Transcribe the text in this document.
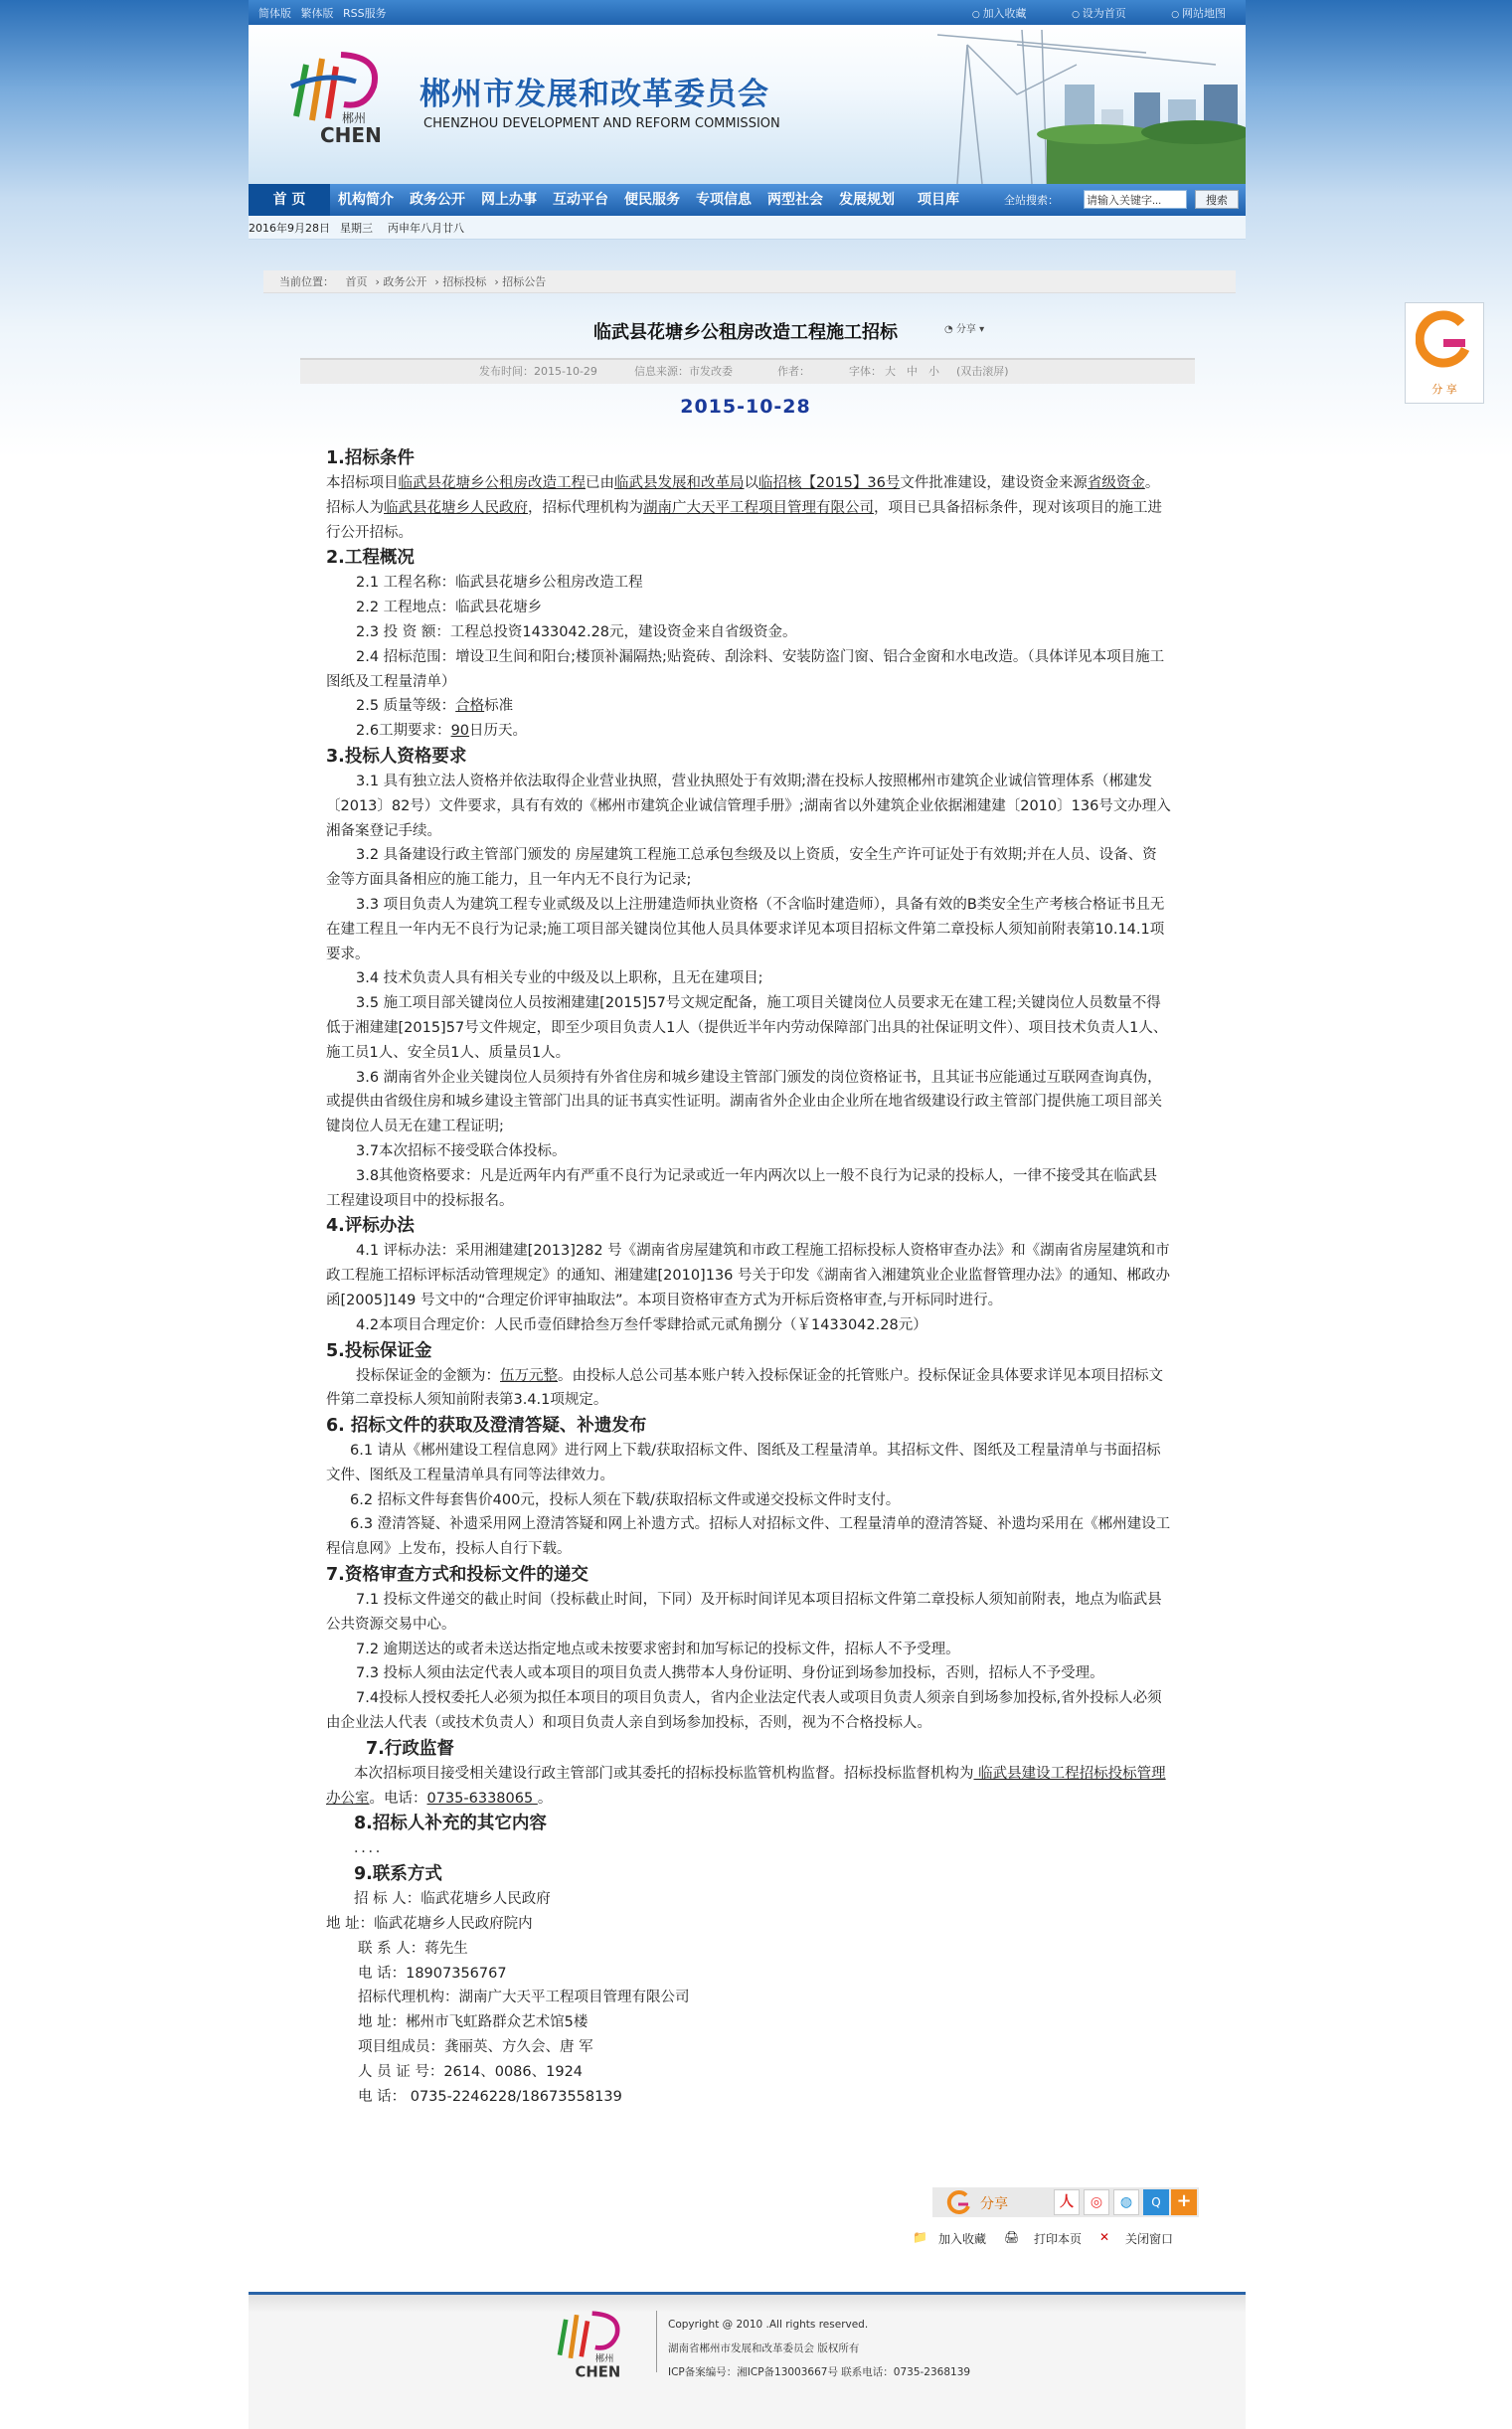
简体版 繁体版 RSS服务	○ 加入收藏	○ 设为首页	○ 网站地图
郴州
CHEN
郴州市发展和改革委员会
CHENZHOU DEVELOPMENT AND REFORM COMMISSION
首 页	机构简介	政务公开	网上办事	互动平台	便民服务	专项信息	两型社会	发展规划	项目库	全站搜索：
请输入关键字...	搜索
2016年9月28日 星期三 丙申年八月廿八
当前位置： 首页 › 政务公开 › 招标投标 › 招标公告
临武县花塘乡公租房改造工程施工招标	◔ 分享 ▾
发布时间：2015-10-29	信息来源：市发改委	作者：	字体： 大 中 小 (双击滚屏)
2015-10-28
1.招标条件

本招标项目临武县花塘乡公租房改造工程已由临武县发展和改革局以临招核【2015】36号文件批准建设，建设资金来源省级资金。招标人为临武县花塘乡人民政府，招标代理机构为湖南广大天平工程项目管理有限公司，项目已具备招标条件，现对该项目的施工进行公开招标。

2.工程概况

2.1 工程名称：临武县花塘乡公租房改造工程

2.2 工程地点：临武县花塘乡

2.3 投 资 额：工程总投资1433042.28元，建设资金来自省级资金。

2.4 招标范围：增设卫生间和阳台;楼顶补漏隔热;贴瓷砖、刮涂料、安装防盗门窗、铝合金窗和水电改造。（具体详见本项目施工图纸及工程量清单）

2.5 质量等级：合格标准

2.6工期要求：90日历天。

3.投标人资格要求

3.1 具有独立法人资格并依法取得企业营业执照，营业执照处于有效期;潜在投标人按照郴州市建筑企业诚信管理体系（郴建发〔2013〕82号）文件要求，具有有效的《郴州市建筑企业诚信管理手册》;湖南省以外建筑企业依据湘建建〔2010〕136号文办理入湘备案登记手续。

3.2 具备建设行政主管部门颁发的 房屋建筑工程施工总承包叁级及以上资质，安全生产许可证处于有效期;并在人员、设备、资金等方面具备相应的施工能力，且一年内无不良行为记录;

3.3 项目负责人为建筑工程专业贰级及以上注册建造师执业资格（不含临时建造师），具备有效的B类安全生产考核合格证书且无在建工程且一年内无不良行为记录;施工项目部关键岗位其他人员具体要求详见本项目招标文件第二章投标人须知前附表第10.14.1项要求。

3.4 技术负责人具有相关专业的中级及以上职称，且无在建项目;

3.5 施工项目部关键岗位人员按湘建建[2015]57号文规定配备，施工项目关键岗位人员要求无在建工程;关键岗位人员数量不得低于湘建建[2015]57号文件规定，即至少项目负责人1人（提供近半年内劳动保障部门出具的社保证明文件）、项目技术负责人1人、施工员1人、安全员1人、质量员1人。

3.6 湖南省外企业关键岗位人员须持有外省住房和城乡建设主管部门颁发的岗位资格证书，且其证书应能通过互联网查询真伪，或提供由省级住房和城乡建设主管部门出具的证书真实性证明。湖南省外企业由企业所在地省级建设行政主管部门提供施工项目部关键岗位人员无在建工程证明;

3.7本次招标不接受联合体投标。

3.8其他资格要求：凡是近两年内有严重不良行为记录或近一年内两次以上一般不良行为记录的投标人，一律不接受其在临武县工程建设项目中的投标报名。

4.评标办法

4.1 评标办法：采用湘建建[2013]282 号《湖南省房屋建筑和市政工程施工招标投标人资格审查办法》和《湖南省房屋建筑和市政工程施工招标评标活动管理规定》的通知、湘建建[2010]136 号关于印发《湖南省入湘建筑业企业监督管理办法》的通知、郴政办函[2005]149 号文中的“合理定价评审抽取法”。本项目资格审查方式为开标后资格审查,与开标同时进行。

4.2本项目合理定价：人民币壹佰肆拾叁万叁仟零肆拾贰元贰角捌分（￥1433042.28元）

5.投标保证金

投标保证金的金额为：伍万元整。由投标人总公司基本账户转入投标保证金的托管账户。投标保证金具体要求详见本项目招标文件第二章投标人须知前附表第3.4.1项规定。

6. 招标文件的获取及澄清答疑、补遗发布

6.1 请从《郴州建设工程信息网》进行网上下载/获取招标文件、图纸及工程量清单。其招标文件、图纸及工程量清单与书面招标文件、图纸及工程量清单具有同等法律效力。

6.2 招标文件每套售价400元，投标人须在下载/获取招标文件或递交投标文件时支付。

6.3 澄清答疑、补遗采用网上澄清答疑和网上补遗方式。招标人对招标文件、工程量清单的澄清答疑、补遗均采用在《郴州建设工程信息网》上发布，投标人自行下载。

7.资格审查方式和投标文件的递交

7.1 投标文件递交的截止时间（投标截止时间，下同）及开标时间详见本项目招标文件第二章投标人须知前附表，地点为临武县公共资源交易中心。

7.2 逾期送达的或者未送达指定地点或未按要求密封和加写标记的投标文件，招标人不予受理。

7.3 投标人须由法定代表人或本项目的项目负责人携带本人身份证明、身份证到场参加投标，否则，招标人不予受理。

7.4投标人授权委托人必须为拟任本项目的项目负责人，省内企业法定代表人或项目负责人须亲自到场参加投标,省外投标人必须由企业法人代表（或技术负责人）和项目负责人亲自到场参加投标，否则，视为不合格投标人。

7.行政监督

本次招标项目接受相关建设行政主管部门或其委托的招标投标监管机构监督。招标投标监督机构为 临武县建设工程招标投标管理办公室。电话：0735-6338065 。

8.招标人补充的其它内容

．．．．

9.联系方式

招 标 人：临武花塘乡人民政府

地 址：临武花塘乡人民政府院内

联 系 人：蒋先生

电 话：18907356767

招标代理机构：湖南广大天平工程项目管理有限公司

地 址：郴州市飞虹路群众艺术馆5楼

项目组成员：龚丽英、方久会、唐 军

人 员 证 号：2614、0086、1924

电 话： 0735-2246228/18673558139

分 享
分享	人	◎	◍	Q +
📁 加入收藏 🖨 打印本页 ✕ 关闭窗口
郴州
CHEN
Copyright @ 2010 .All rights reserved.
湖南省郴州市发展和改革委员会 版权所有
ICP备案编号：湘ICP备13003667号 联系电话：0735-2368139
